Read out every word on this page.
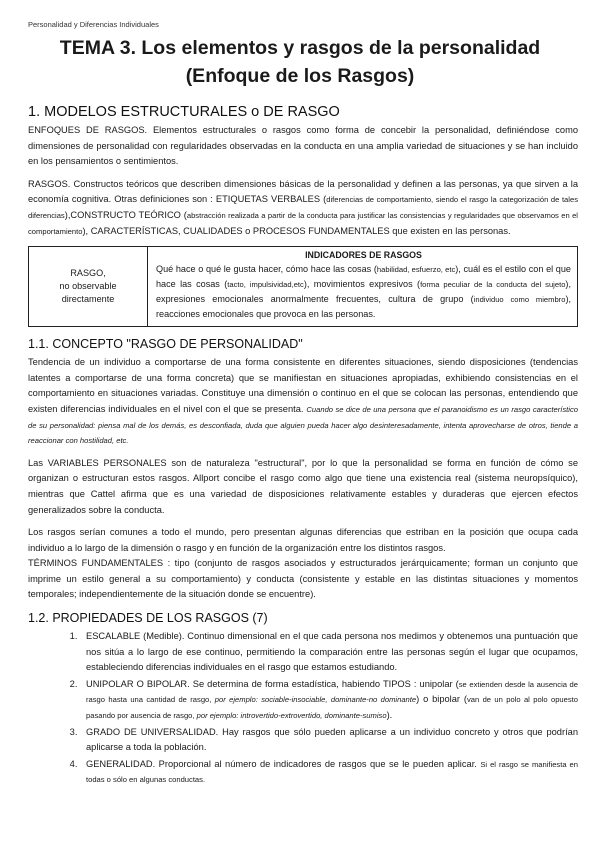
Personalidad y Diferencias Individuales
TEMA 3. Los elementos y rasgos de la personalidad
(Enfoque de los Rasgos)
1. MODELOS ESTRUCTURALES o DE RASGO

ENFOQUES DE RASGOS. Elementos estructurales o rasgos como forma de concebir la personalidad, definiéndose como dimensiones de personalidad con regularidades observadas en la conducta en una amplia variedad de situaciones y se han incluido en los pensamientos o sentimientos.

RASGOS. Constructos teóricos que describen dimensiones básicas de la personalidad y definen a las personas, ya que sirven a la economía cognitiva. Otras definiciones son : ETIQUETAS VERBALES (diferencias de comportamiento, siendo el rasgo la categorización de tales diferencias),CONSTRUCTO TEÓRICO (abstracción realizada a partir de la conducta para justificar las consistencias y regularidades que observamos en el comportamiento), CARACTERÍSTICAS, CUALIDADES o PROCESOS FUNDAMENTALES que existen en las personas.

RASGO,
no observable
directamente

INDICADORES DE RASGOS
Qué hace o qué le gusta hacer, cómo hace las cosas (habilidad, esfuerzo, etc), cuál es el estilo con el que hace las cosas (tacto, impulsividad,etc), movimientos expresivos (forma peculiar de la conducta del sujeto), expresiones emocionales anormalmente frecuentes, cultura de grupo (individuo como miembro), reacciones emocionales que provoca en las personas.
1.1. CONCEPTO "RASGO DE PERSONALIDAD"

Tendencia de un individuo a comportarse de una forma consistente en diferentes situaciones, siendo disposiciones (tendencias latentes a comportarse de una forma concreta) que se manifiestan en situaciones apropiadas, exhibiendo consistencias en el comportamiento en situaciones variadas. Constituye una dimensión o continuo en el que se colocan las personas, entendiendo que existen diferencias individuales en el nivel con el que se presenta. Cuando se dice de una persona que el paranoidismo es un rasgo característico de su personalidad: piensa mal de los demás, es desconfiada, duda que alguien pueda hacer algo desinteresadamente, intenta aprovecharse de otros, tiende a reaccionar con hostilidad, etc.

Las VARIABLES PERSONALES son de naturaleza "estructural", por lo que la personalidad se forma en función de cómo se organizan o estructuran estos rasgos. Allport concibe el rasgo como algo que tiene una existencia real (sistema neuropsíquico), mientras que Cattel afirma que es una variedad de disposiciones relativamente estables y duraderas que ejercen efectos generalizados sobre la conducta.

Los rasgos serían comunes a todo el mundo, pero presentan algunas diferencias que estriban en la posición que ocupa cada individuo a lo largo de la dimensión o rasgo y en función de la organización entre los distintos rasgos.
TÉRMINOS FUNDAMENTALES : tipo (conjunto de rasgos asociados y estructurados jerárquicamente; forman un conjunto que imprime un estilo general a su comportamiento) y conducta (consistente y estable en las distintas situaciones y momentos temporales; independientemente de la situación donde se encuentre).

1.2. PROPIEDADES DE LOS RASGOS (7)
1. ESCALABLE (Medible). Continuo dimensional en el que cada persona nos medimos y obtenemos una puntuación que nos sitúa a lo largo de ese continuo, permitiendo la comparación entre las personas según el lugar que ocupamos, estableciendo diferencias individuales en el rasgo que estamos estudiando.
2. UNIPOLAR O BIPOLAR. Se determina de forma estadística, habiendo TIPOS : unipolar (se extienden desde la ausencia de rasgo hasta una cantidad de rasgo, por ejemplo: sociable-insociable, dominante-no dominante) o bipolar (van de un polo al polo opuesto pasando por ausencia de rasgo, por ejemplo: introvertido-extrovertido, dominante-sumiso).
3. GRADO DE UNIVERSALIDAD. Hay rasgos que sólo pueden aplicarse a un individuo concreto y otros que podrían aplicarse a toda la población.
4. GENERALIDAD. Proporcional al número de indicadores de rasgos que se le pueden aplicar. Si el rasgo se manifiesta en todas o sólo en algunas conductas.
